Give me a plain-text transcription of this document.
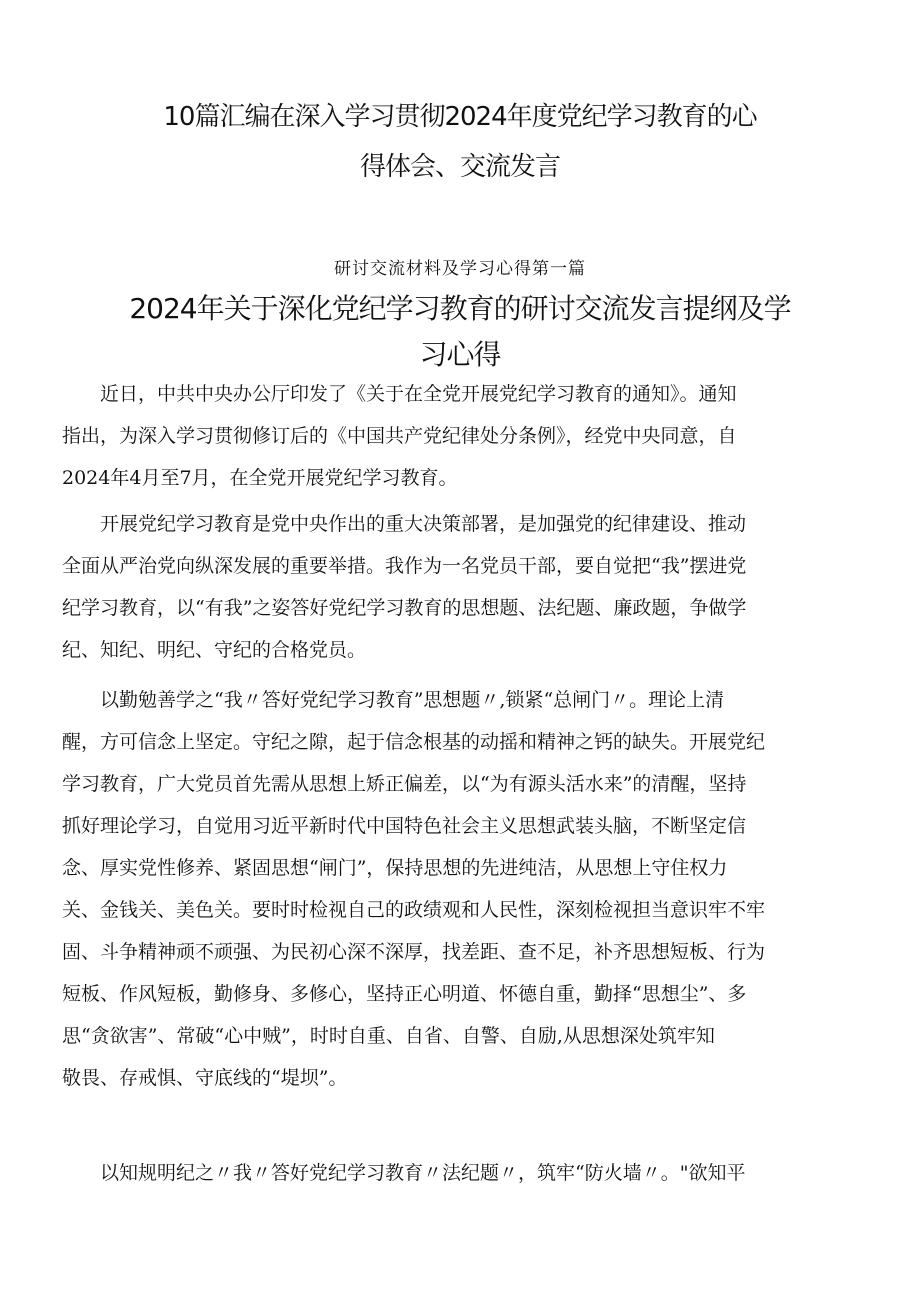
10篇汇编在深入学习贯彻2024年度党纪学习教育的心
得体会、交流发言

研讨交流材料及学习心得第一篇

2024年关于深化党纪学习教育的研讨交流发言提纲及学
习心得
　　近日，中共中央办公厅印发了《关于在全党开展党纪学习教育的通知》。通知
指出，为深入学习贯彻修订后的《中国共产党纪律处分条例》，经党中央同意，自
2024年4月至7月，在全党开展党纪学习教育。
　　开展党纪学习教育是党中央作出的重大决策部署，是加强党的纪律建设、推动
全面从严治党向纵深发展的重要举措。我作为一名党员干部，要自觉把“我”摆进党
纪学习教育，以“有我”之姿答好党纪学习教育的思想题、法纪题、廉政题，争做学
纪、知纪、明纪、守纪的合格党员。
　　以勤勉善学之“我〃答好党纪学习教育”思想题〃,锁紧“总闸门〃。理论上清
醒，方可信念上坚定。守纪之隙，起于信念根基的动摇和精神之钙的缺失。开展党纪
学习教育，广大党员首先需从思想上矫正偏差，以“为有源头活水来”的清醒，坚持
抓好理论学习，自觉用习近平新时代中国特色社会主义思想武装头脑，不断坚定信
念、厚实党性修养、紧固思想“闸门”，保持思想的先进纯洁，从思想上守住权力
关、金钱关、美色关。要时时检视自己的政绩观和人民性，深刻检视担当意识牢不牢
固、斗争精神顽不顽强、为民初心深不深厚，找差距、查不足，补齐思想短板、行为
短板、作风短板，勤修身、多修心，坚持正心明道、怀德自重，勤择“思想尘”、多
思“贪欲害”、常破“心中贼”，时时自重、自省、自警、自励,从思想深处筑牢知
敬畏、存戒惧、守底线的“堤坝”。
　　以知规明纪之〃我〃答好党纪学习教育〃法纪题〃，筑牢“防火墙〃。"欲知平
